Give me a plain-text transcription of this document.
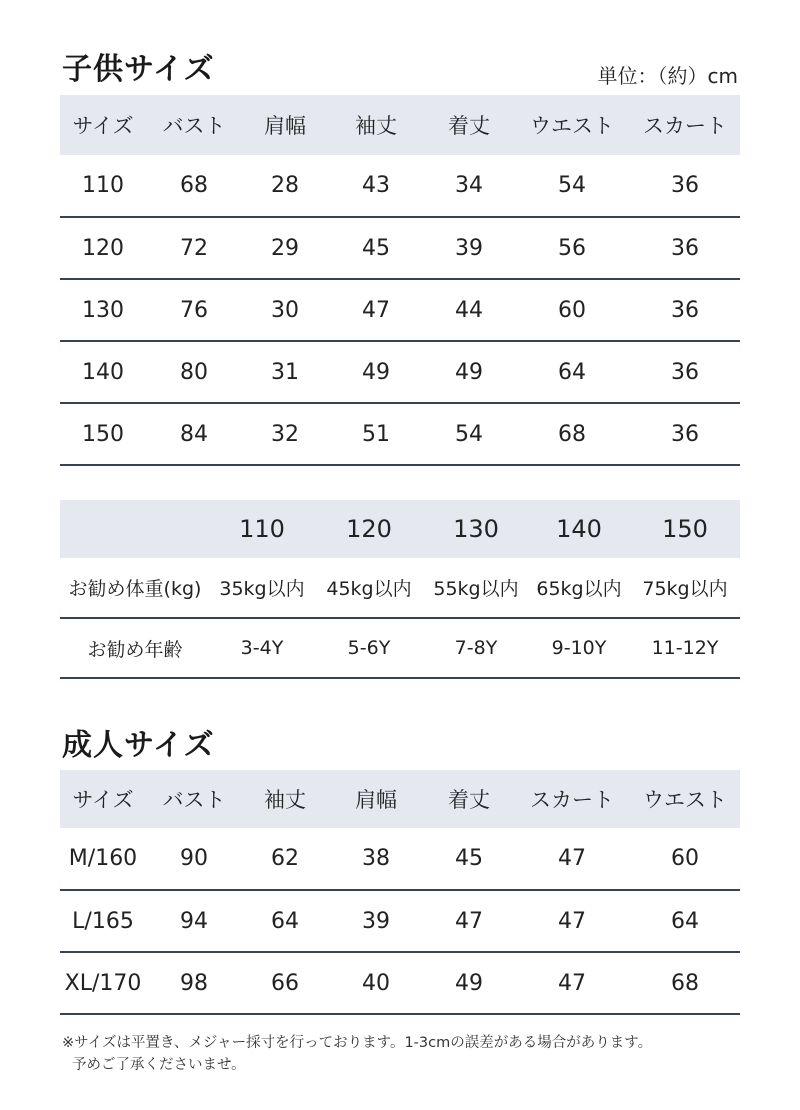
子供サイズ	単位：（約）cm
サイズ	バスト	肩幅	袖丈	着丈	ウエスト	スカート
110	68	28	43	34	54	36
120	72	29	45	39	56	36
130	76	30	47	44	60	36
140	80	31	49	49	64	36
150	84	32	51	54	68	36
	110	120	130	140	150
お勧め体重(kg)	35kg以内	45kg以内	55kg以内	65kg以内	75kg以内
お勧め年齢	3-4Y	5-6Y	7-8Y	9-10Y	11-12Y
成人サイズ
サイズ	バスト	袖丈	肩幅	着丈	スカート	ウエスト
M/160	90	62	38	45	47	60
L/165	94	64	39	47	47	64
XL/170	98	66	40	49	47	68
※サイズは平置き、メジャー採寸を行っております。1-3cmの誤差がある場合があります。
予めご了承くださいませ。
